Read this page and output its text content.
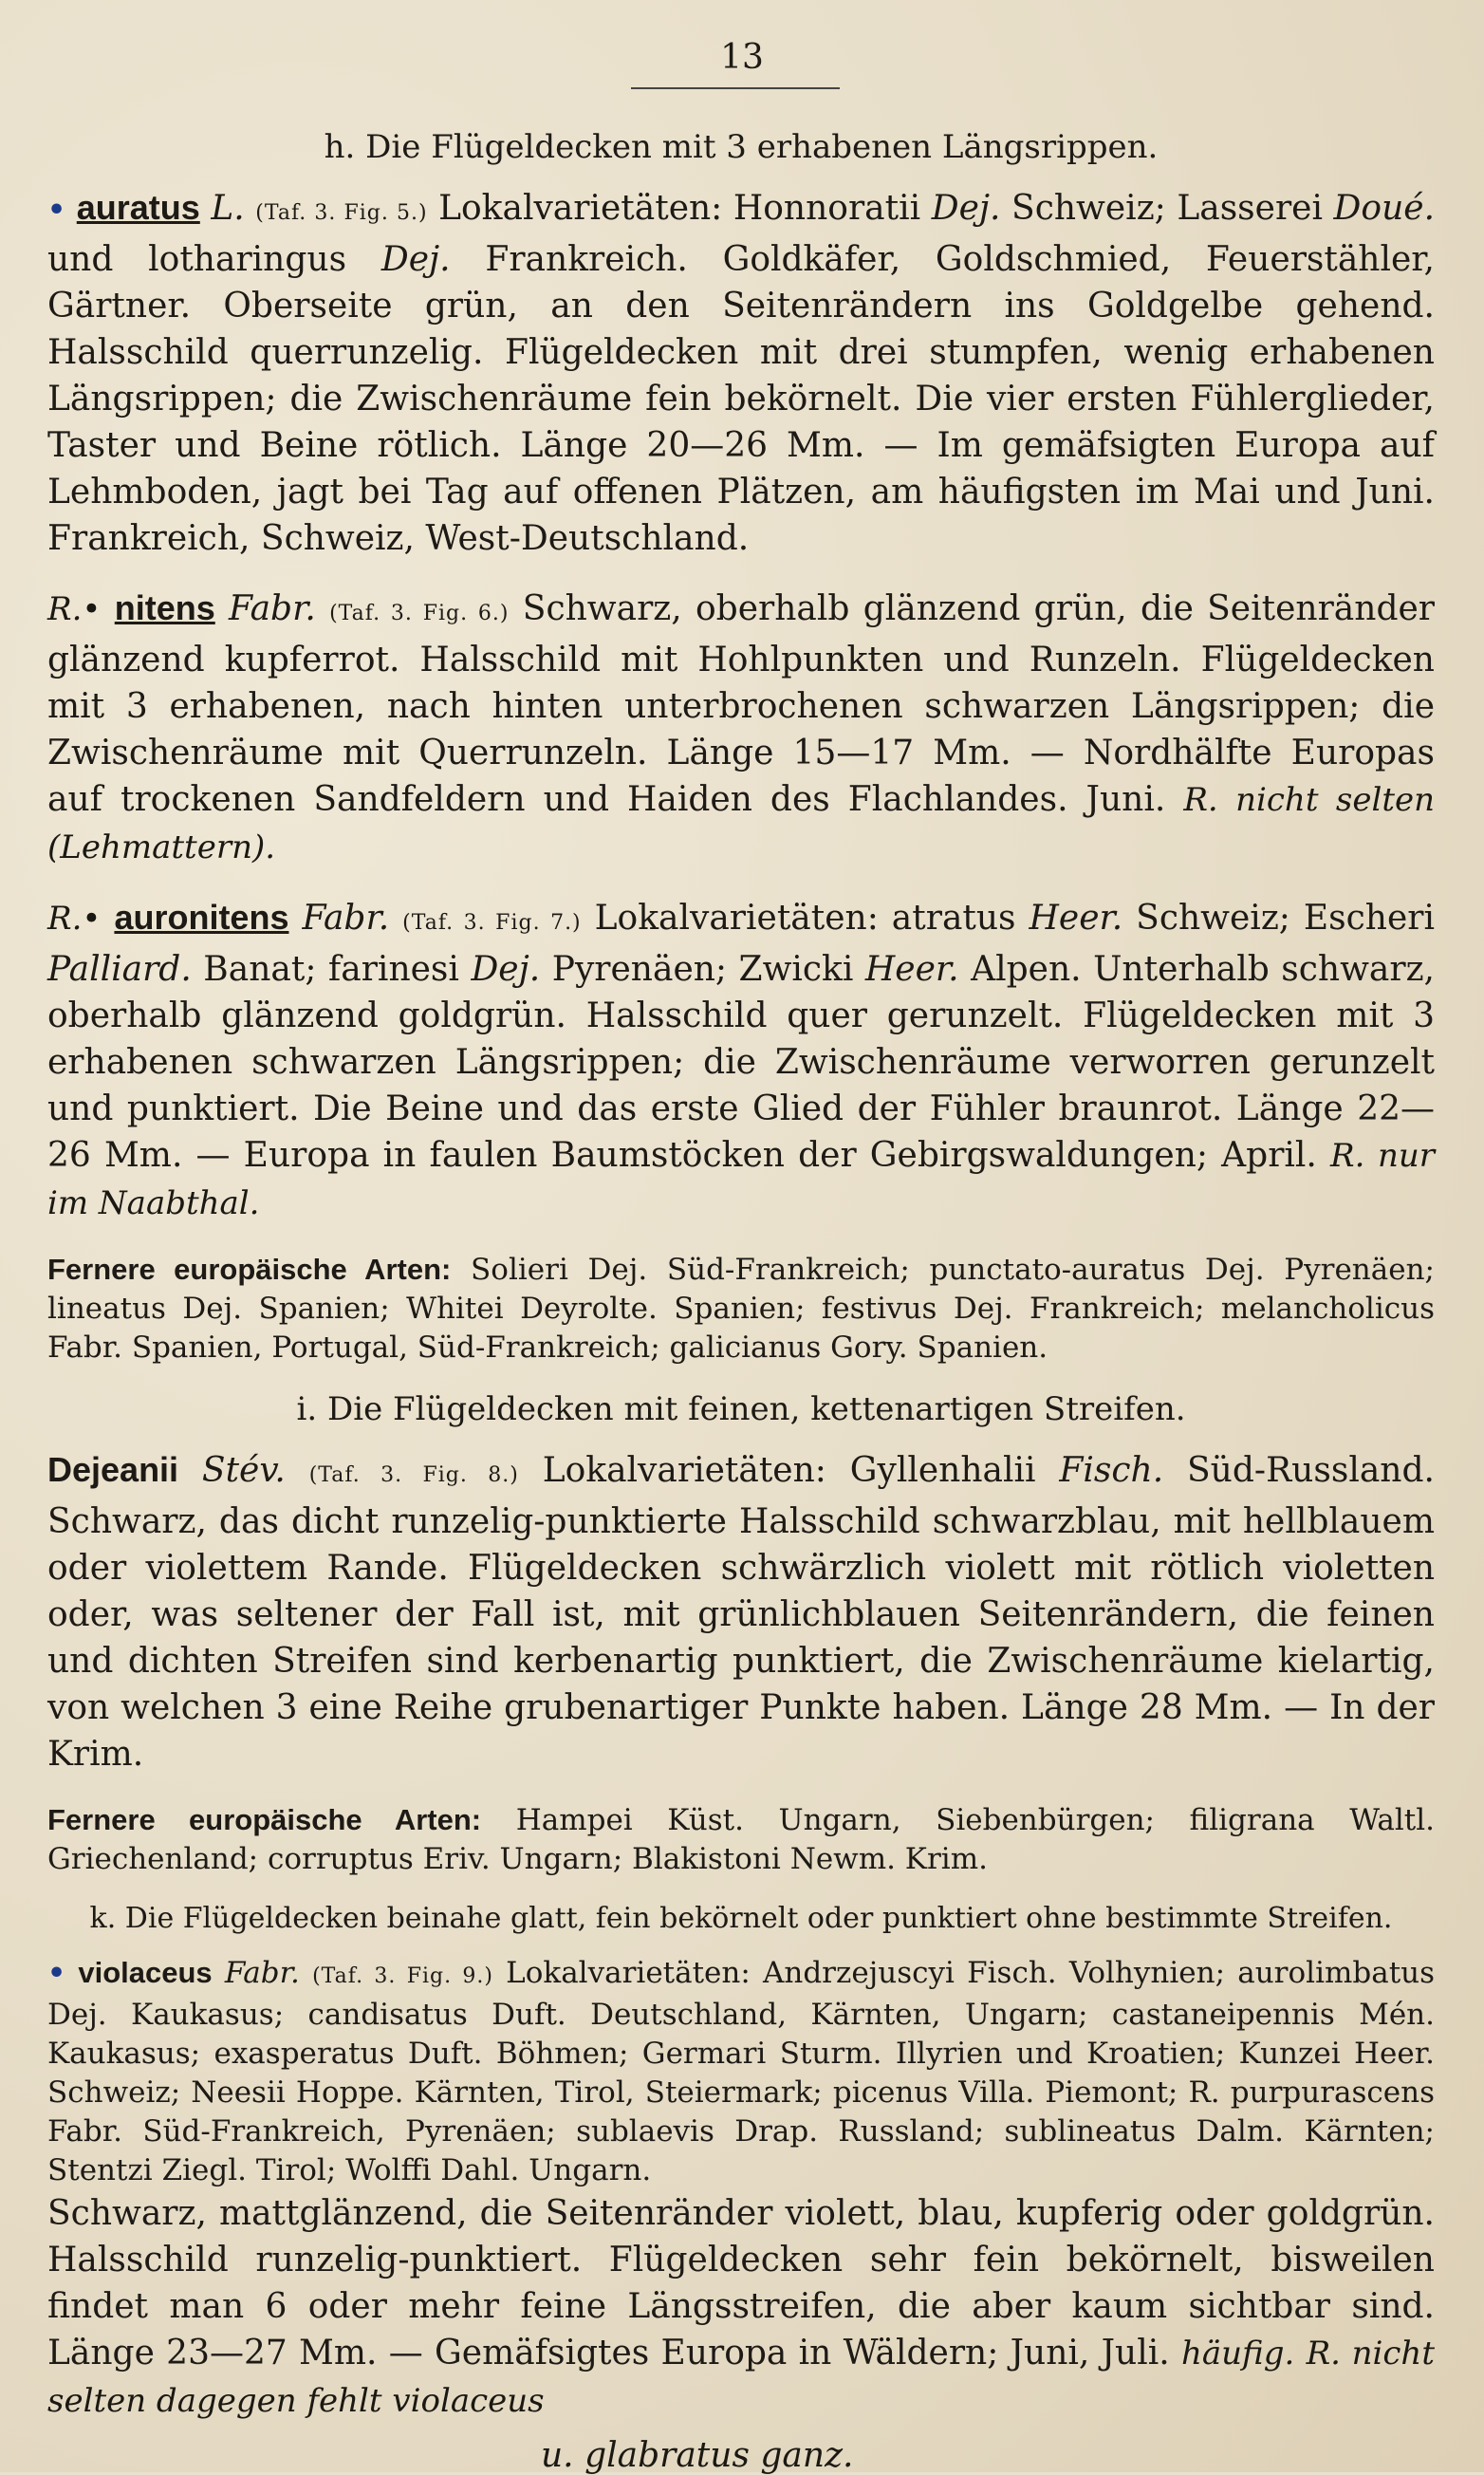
13
h. Die Flügeldecken mit 3 erhabenen Längsrippen.

• auratus L. (Taf. 3. Fig. 5.) Lokalvarietäten: Honnoratii Dej. Schweiz; Lasserei Doué. und lotharingus Dej. Frankreich. Goldkäfer, Goldschmied, Feuerstähler, Gärtner. Oberseite grün, an den Seitenrändern ins Goldgelbe gehend. Halsschild querrunzelig. Flügeldecken mit drei stumpfen, wenig erhabenen Längsrippen; die Zwischenräume fein bekörnelt. Die vier ersten Fühlerglieder, Taster und Beine rötlich. Länge 20—26 Mm. — Im gemäfsigten Europa auf Lehmboden, jagt bei Tag auf offenen Plätzen, am häufigsten im Mai und Juni. Frankreich, Schweiz, West-Deutschland.

R.• nitens Fabr. (Taf. 3. Fig. 6.) Schwarz, oberhalb glänzend grün, die Seitenränder glänzend kupferrot. Halsschild mit Hohlpunkten und Runzeln. Flügeldecken mit 3 erhabenen, nach hinten unterbrochenen schwarzen Längsrippen; die Zwischenräume mit Querrunzeln. Länge 15—17 Mm. — Nordhälfte Europas auf trockenen Sandfeldern und Haiden des Flachlandes. Juni. R. nicht selten (Lehmattern).

R.• auronitens Fabr. (Taf. 3. Fig. 7.) Lokalvarietäten: atratus Heer. Schweiz; Escheri Palliard. Banat; farinesi Dej. Pyrenäen; Zwicki Heer. Alpen. Unterhalb schwarz, oberhalb glänzend goldgrün. Halsschild quer gerunzelt. Flügeldecken mit 3 erhabenen schwarzen Längsrippen; die Zwischenräume verworren gerunzelt und punktiert. Die Beine und das erste Glied der Fühler braunrot. Länge 22—26 Mm. — Europa in faulen Baumstöcken der Gebirgswaldungen; April. R. nur im Naabthal.

Fernere europäische Arten: Solieri Dej. Süd-Frankreich; punctato-auratus Dej. Pyrenäen; lineatus Dej. Spanien; Whitei Deyrolte. Spanien; festivus Dej. Frankreich; melancholicus Fabr. Spanien, Portugal, Süd-Frankreich; galicianus Gory. Spanien.

i. Die Flügeldecken mit feinen, kettenartigen Streifen.

Dejeanii Stév. (Taf. 3. Fig. 8.) Lokalvarietäten: Gyllenhalii Fisch. Süd-Russland. Schwarz, das dicht runzelig-punktierte Halsschild schwarzblau, mit hellblauem oder violettem Rande. Flügeldecken schwärzlich violett mit rötlich violetten oder, was seltener der Fall ist, mit grünlichblauen Seitenrändern, die feinen und dichten Streifen sind kerbenartig punktiert, die Zwischenräume kielartig, von welchen 3 eine Reihe grubenartiger Punkte haben. Länge 28 Mm. — In der Krim.

Fernere europäische Arten: Hampei Küst. Ungarn, Siebenbürgen; filigrana Waltl. Griechenland; corruptus Eriv. Ungarn; Blakistoni Newm. Krim.

k. Die Flügeldecken beinahe glatt, fein bekörnelt oder punktiert ohne bestimmte Streifen.

• violaceus Fabr. (Taf. 3. Fig. 9.) Lokalvarietäten: Andrzejuscyi Fisch. Volhynien; aurolimbatus Dej. Kaukasus; candisatus Duft. Deutschland, Kärnten, Ungarn; castaneipennis Mén. Kaukasus; exasperatus Duft. Böhmen; Germari Sturm. Illyrien und Kroatien; Kunzei Heer. Schweiz; Neesii Hoppe. Kärnten, Tirol, Steiermark; picenus Villa. Piemont; R. purpurascens Fabr. Süd-Frankreich, Pyrenäen; sublaevis Drap. Russland; sublineatus Dalm. Kärnten; Stentzi Ziegl. Tirol; Wolffi Dahl. Ungarn.

Schwarz, mattglänzend, die Seitenränder violett, blau, kupferig oder goldgrün. Halsschild runzelig-punktiert. Flügeldecken sehr fein bekörnelt, bisweilen findet man 6 oder mehr feine Längsstreifen, die aber kaum sichtbar sind. Länge 23—27 Mm. — Gemäfsigtes Europa in Wäldern; Juni, Juli. häufig. R. nicht selten dagegen fehlt violaceus

u. glabratus ganz.
